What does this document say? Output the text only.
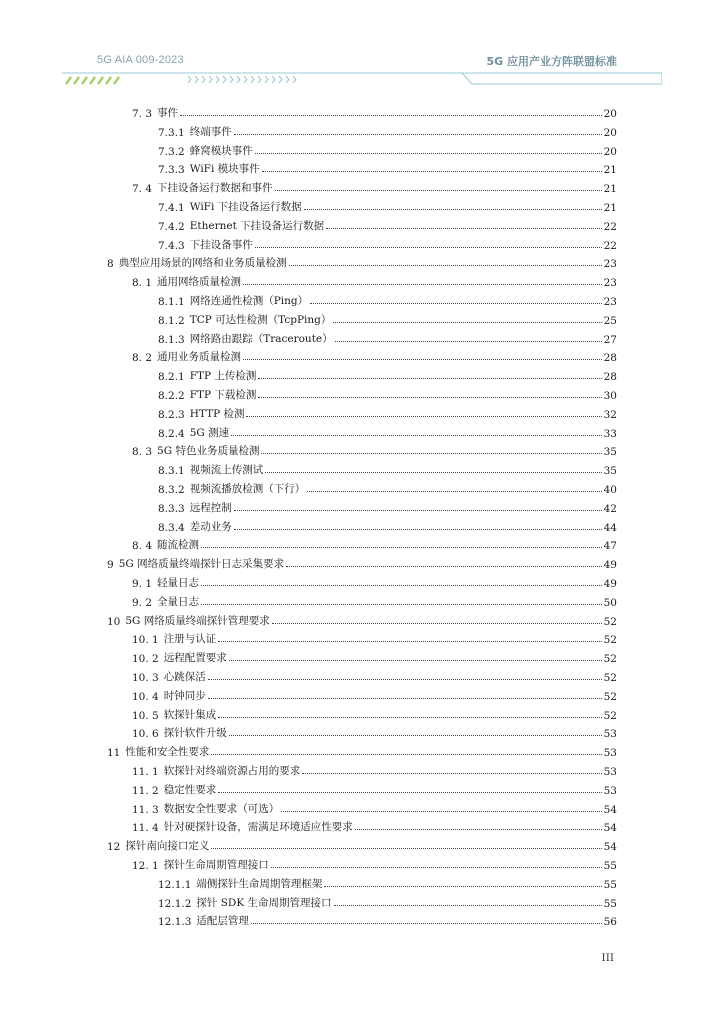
5G AIA 009-2023	5G 应用产业方阵联盟标准
7. 3 事件	20
7.3.1 终端事件	20
7.3.2 蜂窝模块事件	20
7.3.3 WiFi 模块事件	21
7. 4 下挂设备运行数据和事件	21
7.4.1 WiFi 下挂设备运行数据	21
7.4.2 Ethernet 下挂设备运行数据	22
7.4.3 下挂设备事件	22
8 典型应用场景的网络和业务质量检测	23
8. 1 通用网络质量检测	23
8.1.1 网络连通性检测（Ping）	23
8.1.2 TCP 可达性检测（TcpPing）	25
8.1.3 网络路由跟踪（Traceroute）	27
8. 2 通用业务质量检测	28
8.2.1 FTP 上传检测	28
8.2.2 FTP 下载检测	30
8.2.3 HTTP 检测	32
8.2.4 5G 测速	33
8. 3 5G 特色业务质量检测	35
8.3.1 视频流上传测试	35
8.3.2 视频流播放检测（下行）	40
8.3.3 远程控制	42
8.3.4 差动业务	44
8. 4 随流检测	47
9 5G 网络质量终端探针日志采集要求	49
9. 1 轻量日志	49
9. 2 全量日志	50
10 5G 网络质量终端探针管理要求	52
10. 1 注册与认证	52
10. 2 远程配置要求	52
10. 3 心跳保活	52
10. 4 时钟同步	52
10. 5 软探针集成	52
10. 6 探针软件升级	53
11 性能和安全性要求	53
11. 1 软探针对终端资源占用的要求	53
11. 2 稳定性要求	53
11. 3 数据安全性要求（可选）	54
11. 4 针对硬探针设备，需满足环境适应性要求	54
12 探针南向接口定义	54
12. 1 探针生命周期管理接口	55
12.1.1 端侧探针生命周期管理框架	55
12.1.2 探针 SDK 生命周期管理接口	55
12.1.3 适配层管理	56
III
